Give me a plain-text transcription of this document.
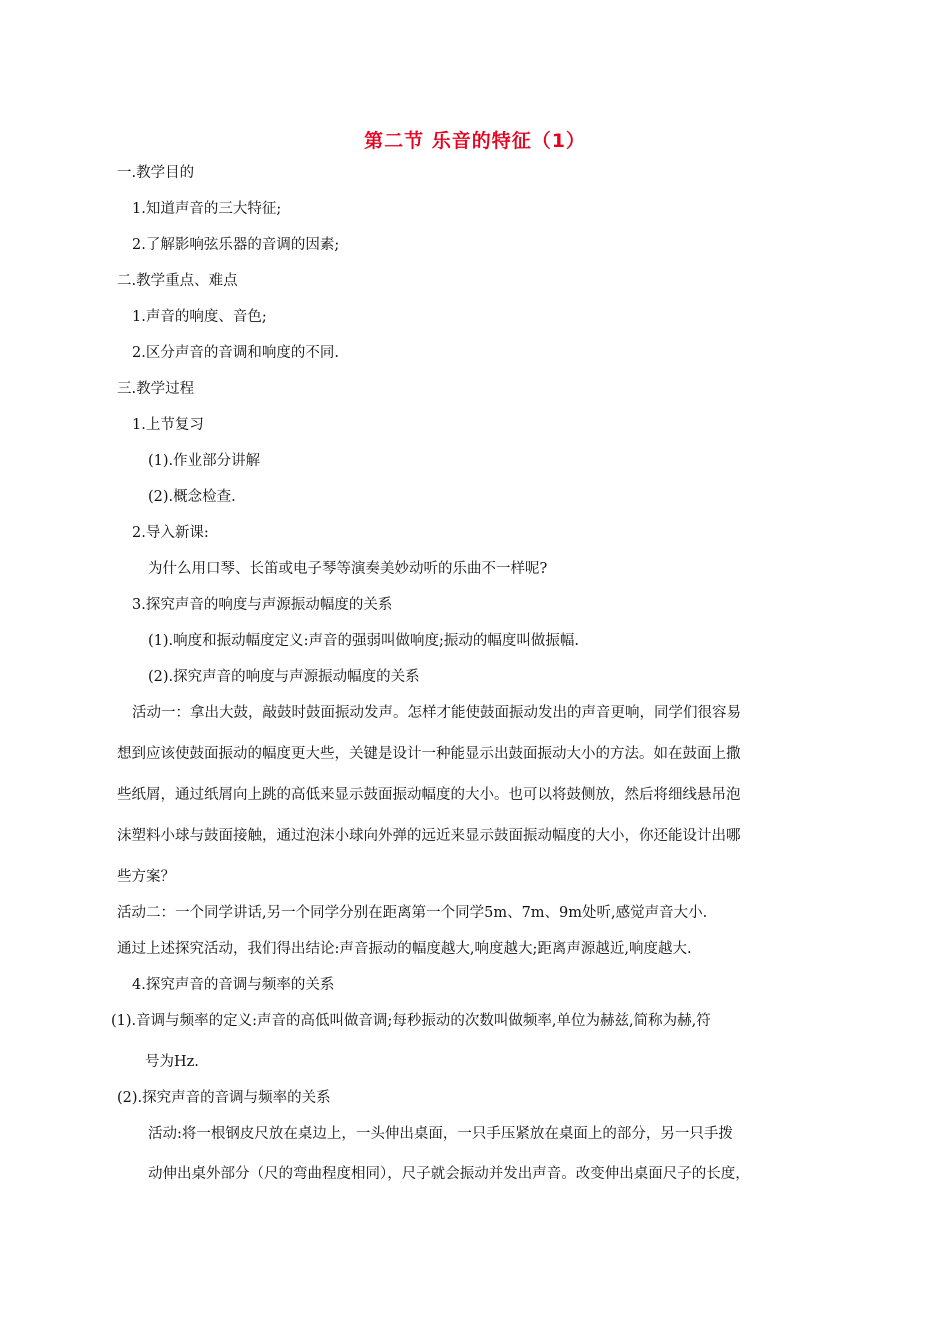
第二节 乐音的特征（1）
一.教学目的
1.知道声音的三大特征;
2.了解影响弦乐器的音调的因素;
二.教学重点、难点
1.声音的响度、音色;
2.区分声音的音调和响度的不同.
三.教学过程
1.上节复习
(1).作业部分讲解
(2).概念检查.
2.导入新课:
为什么用口琴、长笛或电子琴等演奏美妙动听的乐曲不一样呢?
3.探究声音的响度与声源振动幅度的关系
(1).响度和振动幅度定义:声音的强弱叫做响度;振动的幅度叫做振幅.
(2).探究声音的响度与声源振动幅度的关系
活动一：拿出大鼓，敲鼓时鼓面振动发声。怎样才能使鼓面振动发出的声音更响，同学们很容易
想到应该使鼓面振动的幅度更大些，关键是设计一种能显示出鼓面振动大小的方法。如在鼓面上撒
些纸屑，通过纸屑向上跳的高低来显示鼓面振动幅度的大小。也可以将鼓侧放，然后将细线悬吊泡
沫塑料小球与鼓面接触，通过泡沫小球向外弹的远近来显示鼓面振动幅度的大小，你还能设计出哪
些方案？
活动二：一个同学讲话,另一个同学分别在距离第一个同学5m、7m、9m处听,感觉声音大小.
通过上述探究活动，我们得出结论:声音振动的幅度越大,响度越大;距离声源越近,响度越大.
4.探究声音的音调与频率的关系
(1).音调与频率的定义:声音的高低叫做音调;每秒振动的次数叫做频率,单位为赫兹,简称为赫,符
号为Hz.
(2).探究声音的音调与频率的关系
活动:将一根钢皮尺放在桌边上，一头伸出桌面，一只手压紧放在桌面上的部分，另一只手拨
动伸出桌外部分（尺的弯曲程度相同），尺子就会振动并发出声音。改变伸出桌面尺子的长度，
